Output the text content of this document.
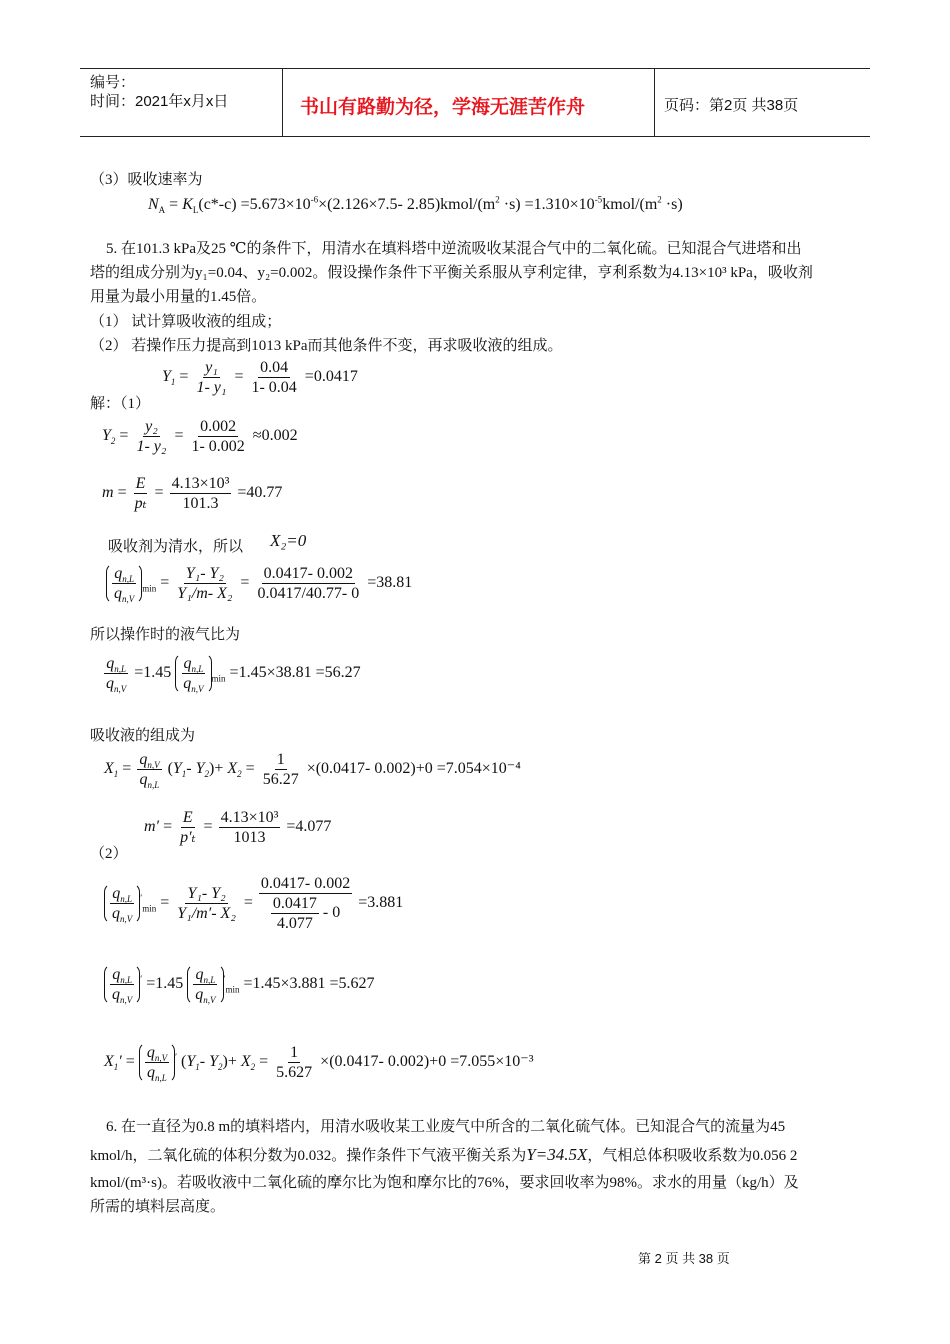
编号：
时间：2021年x月x日	书山有路勤为径，学海无涯苦作舟	页码：第2页 共38页
（3）吸收速率为
$N_A = K_L(c*-c) =5.673\times 10^{-6}\times(2.126\times 7.5-$ $2.85)kmol/(m^2 \cdot s)$ $=1.310\times 10^{-5}kmol/(m^2 \cdot s)$
5. 在101.3 kPa及25 ℃的条件下，用清水在填料塔中逆流吸收某混合气中的二氧化硫。已知混合气进塔和出
塔的组成分别为y₁=0.04、y₂=0.002。假设操作条件下平衡关系服从亨利定律，亨利系数为4.13×10³ kPa，吸收剂
用量为最小用量的1.45倍。
（1） 试计算吸收液的组成；
（2） 若操作压力提高到1013 kPa而其他条件不变，再求吸收液的组成。
$Y_1 = \frac{\text{y₁}}{\text{1- y₁}} = \frac{0.04}{1- 0.04} =0.0417$
解：（1）
$Y_2 = \frac{\text{y₂}}{\text{1- y₂}} = \frac{0.002}{1- 0.002} \approx 0.002$
$m = \frac{E}{\text{pₜ}} = \frac{\text{4.13×10³}}{101.3} =40.77$
吸收剂为清水，所以 X₂=0
$\frac{q_{n,L}}{q_{n,V}} _{min} = \frac{\text{Y₁- Y₂}}{\text{Y₁/m- X₂}} = \frac{0.0417- 0.002}{0.0417/40.77- 0} =38.81$
所以操作时的液气比为
$\frac{q_{n,L}}{q_{n,V}} =1.45 \frac{q_{n,L}}{q_{n,V}} _{min} =1.45\times 38.81 =56.27$
吸收液的组成为
$X_1 = \frac{q_{n,V}}{q_{n,L}} (Y_1-$ $Y_2)+ X_2 = \frac{1}{56.27} \times(0.0417-$ 0.002)+0 =7.054×10⁻⁴
$m' = \frac{E}{\text{p′ₜ}} = \frac{\text{4.13×10³}}{1013} =4.077$
（2）
$\frac{q_{n,L}}{q_{n,V}} '_{min} = \frac{\text{Y₁- Y₂}}{\text{Y₁/m′- X₂}} = \frac{0.0417- 0.002}{\frac{0.0417}{4.077} - 0} =3.881$
$\frac{q_{n,L}}{q_{n,V}} ' =1.45 \frac{q_{n,L}}{q_{n,V}} '_{min} =1.45\times 3.881 =5.627$
$X_1' = \frac{q_{n,V}}{q_{n,L}} '$ ($Y_1-$ $Y_2)+ X_2 = \frac{1}{5.627} \times(0.0417-$ 0.002)+0 =7.055×10⁻³
6. 在一直径为0.8 m的填料塔内，用清水吸收某工业废气中所含的二氧化硫气体。已知混合气的流量为45
kmol/h，二氧化硫的体积分数为0.032。操作条件下气液平衡关系为Y=34.5X，气相总体积吸收系数为0.056 2
kmol/(m³·s)。若吸收液中二氧化硫的摩尔比为饱和摩尔比的76%，要求回收率为98%。求水的用量（kg/h）及
所需的填料层高度。
第 2 页 共 38 页
